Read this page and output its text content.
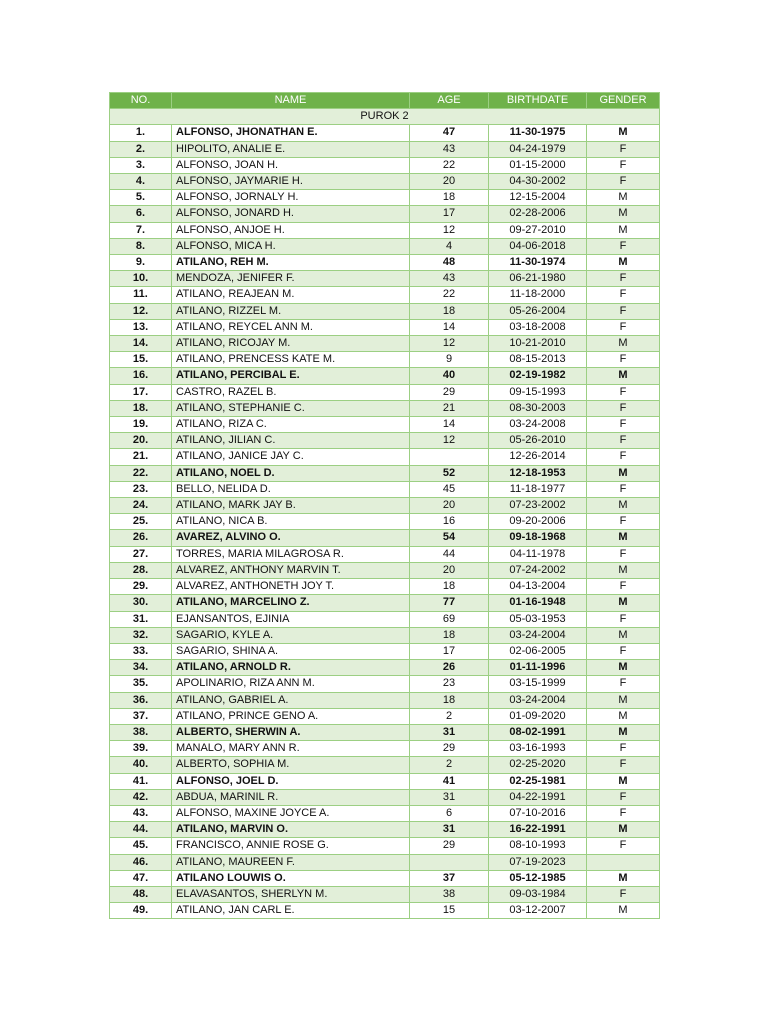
NO.	NAME	AGE	BIRTHDATE	GENDER
PUROK 2				
1.	ALFONSO, JHONATHAN E.	47	11-30-1975	M
2.	HIPOLITO, ANALIE E.	43	04-24-1979	F
3.	ALFONSO, JOAN H.	22	01-15-2000	F
4.	ALFONSO, JAYMARIE H.	20	04-30-2002	F
5.	ALFONSO, JORNALY H.	18	12-15-2004	M
6.	ALFONSO, JONARD H.	17	02-28-2006	M
7.	ALFONSO, ANJOE H.	12	09-27-2010	M
8.	ALFONSO, MICA H.	4	04-06-2018	F
9.	ATILANO, REH M.	48	11-30-1974	M
10.	MENDOZA, JENIFER F.	43	06-21-1980	F
11.	ATILANO, REAJEAN M.	22	11-18-2000	F
12.	ATILANO, RIZZEL M.	18	05-26-2004	F
13.	ATILANO, REYCEL ANN M.	14	03-18-2008	F
14.	ATILANO, RICOJAY M.	12	10-21-2010	M
15.	ATILANO, PRENCESS KATE M.	9	08-15-2013	F
16.	ATILANO, PERCIBAL E.	40	02-19-1982	M
17.	CASTRO, RAZEL B.	29	09-15-1993	F
18.	ATILANO, STEPHANIE C.	21	08-30-2003	F
19.	ATILANO, RIZA C.	14	03-24-2008	F
20.	ATILANO, JILIAN C.	12	05-26-2010	F
21.	ATILANO, JANICE JAY C.		12-26-2014	F
22.	ATILANO, NOEL D.	52	12-18-1953	M
23.	BELLO, NELIDA D.	45	11-18-1977	F
24.	ATILANO, MARK JAY B.	20	07-23-2002	M
25.	ATILANO, NICA B.	16	09-20-2006	F
26.	AVAREZ, ALVINO O.	54	09-18-1968	M
27.	TORRES, MARIA MILAGROSA R.	44	04-11-1978	F
28.	ALVAREZ, ANTHONY MARVIN T.	20	07-24-2002	M
29.	ALVAREZ, ANTHONETH JOY T.	18	04-13-2004	F
30.	ATILANO, MARCELINO Z.	77	01-16-1948	M
31.	EJANSANTOS, EJINIA	69	05-03-1953	F
32.	SAGARIO, KYLE A.	18	03-24-2004	M
33.	SAGARIO, SHINA A.	17	02-06-2005	F
34.	ATILANO, ARNOLD R.	26	01-11-1996	M
35.	APOLINARIO, RIZA ANN M.	23	03-15-1999	F
36.	ATILANO, GABRIEL A.	18	03-24-2004	M
37.	ATILANO, PRINCE GENO A.	2	01-09-2020	M
38.	ALBERTO, SHERWIN A.	31	08-02-1991	M
39.	MANALO, MARY ANN R.	29	03-16-1993	F
40.	ALBERTO, SOPHIA M.	2	02-25-2020	F
41.	ALFONSO, JOEL D.	41	02-25-1981	M
42.	ABDUA, MARINIL R.	31	04-22-1991	F
43.	ALFONSO, MAXINE JOYCE A.	6	07-10-2016	F
44.	ATILANO, MARVIN O.	31	16-22-1991	M
45.	FRANCISCO, ANNIE ROSE G.	29	08-10-1993	F
46.	ATILANO, MAUREEN F.		07-19-2023	
47.	ATILANO LOUWIS O.	37	05-12-1985	M
48.	ELAVASANTOS, SHERLYN M.	38	09-03-1984	F
49.	ATILANO, JAN CARL E.	15	03-12-2007	M
